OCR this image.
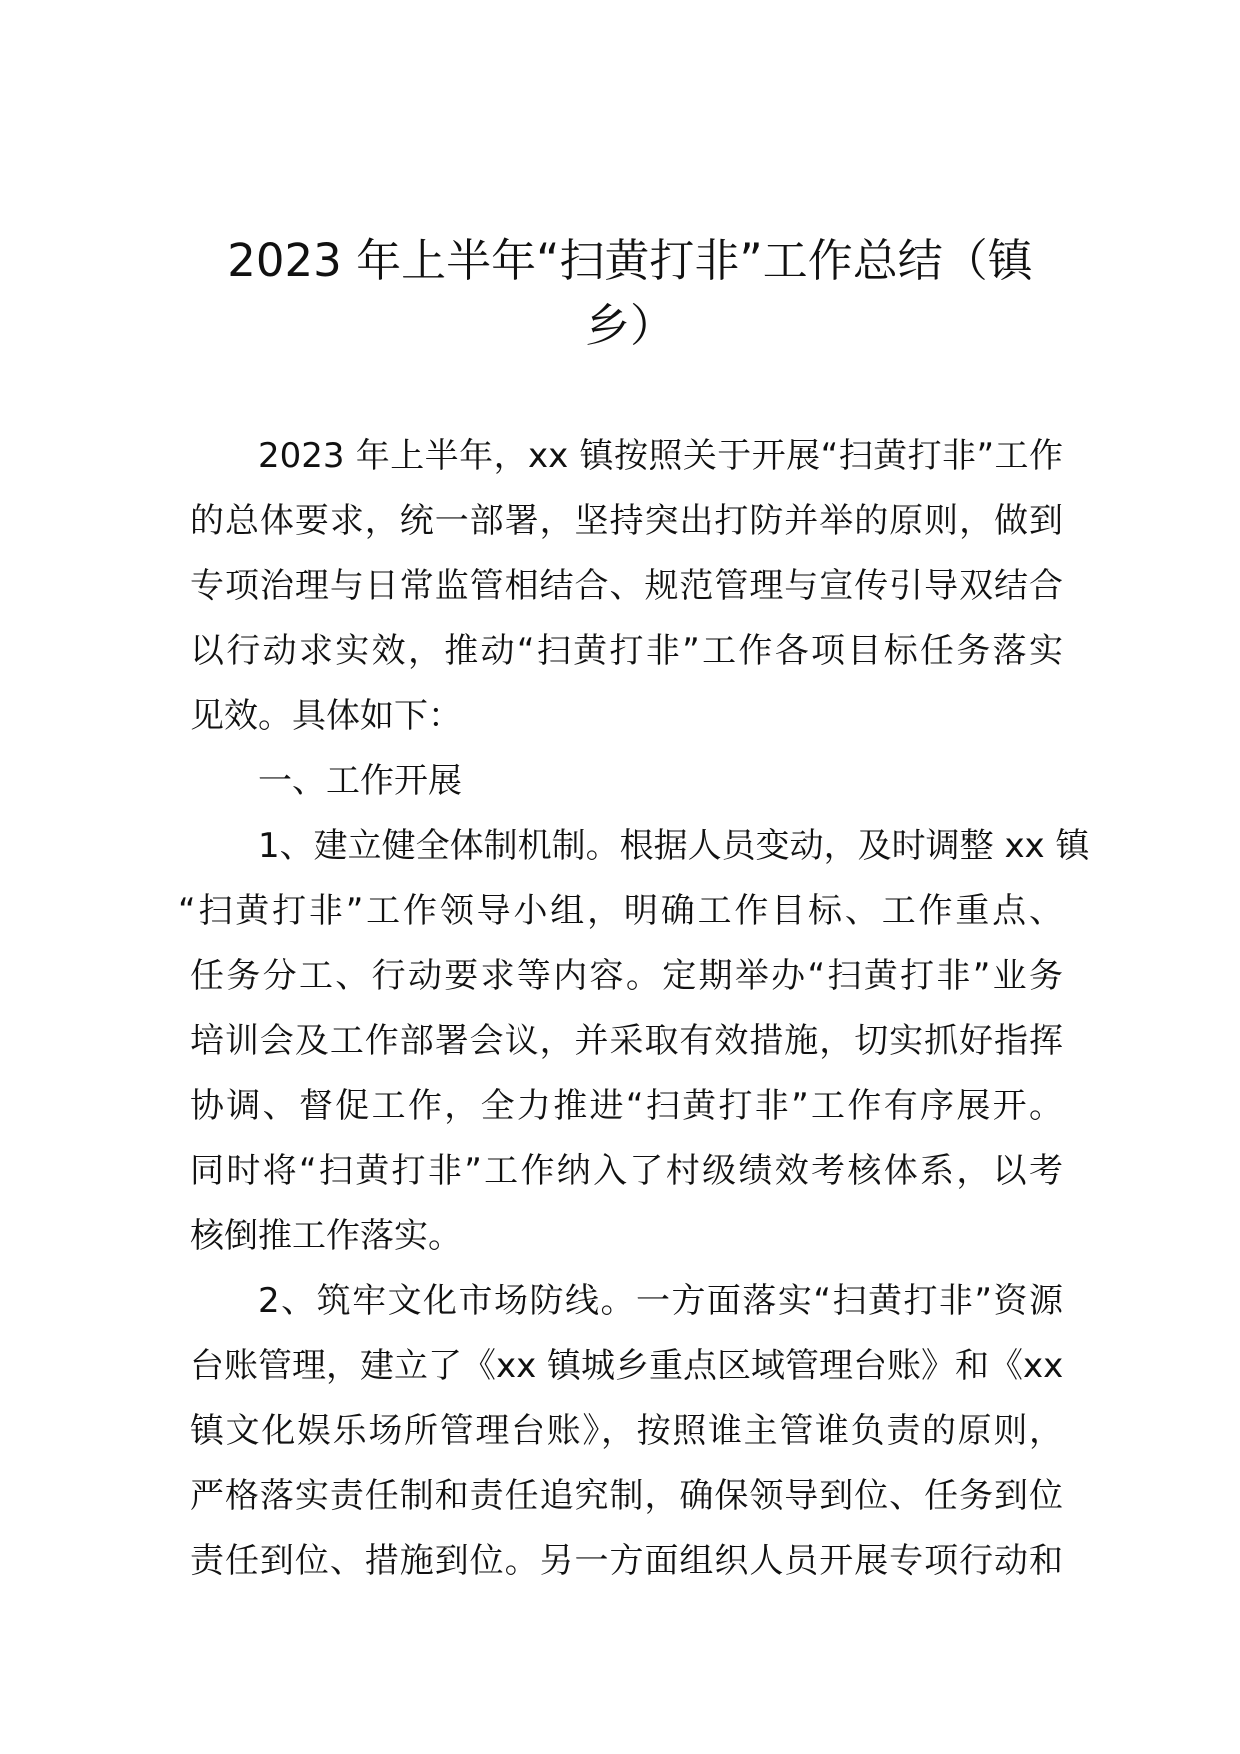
2023 年上半年“扫黄打非”工作总结（镇
乡）
2023 年上半年，xx 镇按照关于开展“扫黄打非”工作
的总体要求，统一部署，坚持突出打防并举的原则，做到
专项治理与日常监管相结合、规范管理与宣传引导双结合
以行动求实效，推动“扫黄打非”工作各项目标任务落实
见效。具体如下：
一、工作开展
1、建立健全体制机制。根据人员变动，及时调整 xx 镇
“扫黄打非”工作领导小组，明确工作目标、工作重点、
任务分工、行动要求等内容。定期举办“扫黄打非”业务
培训会及工作部署会议，并采取有效措施，切实抓好指挥
协调、督促工作，全力推进“扫黄打非”工作有序展开。
同时将“扫黄打非”工作纳入了村级绩效考核体系，以考
核倒推工作落实。
2、筑牢文化市场防线。一方面落实“扫黄打非”资源
台账管理，建立了《xx 镇城乡重点区域管理台账》和《xx
镇文化娱乐场所管理台账》，按照谁主管谁负责的原则，
严格落实责任制和责任追究制，确保领导到位、任务到位
责任到位、措施到位。另一方面组织人员开展专项行动和
